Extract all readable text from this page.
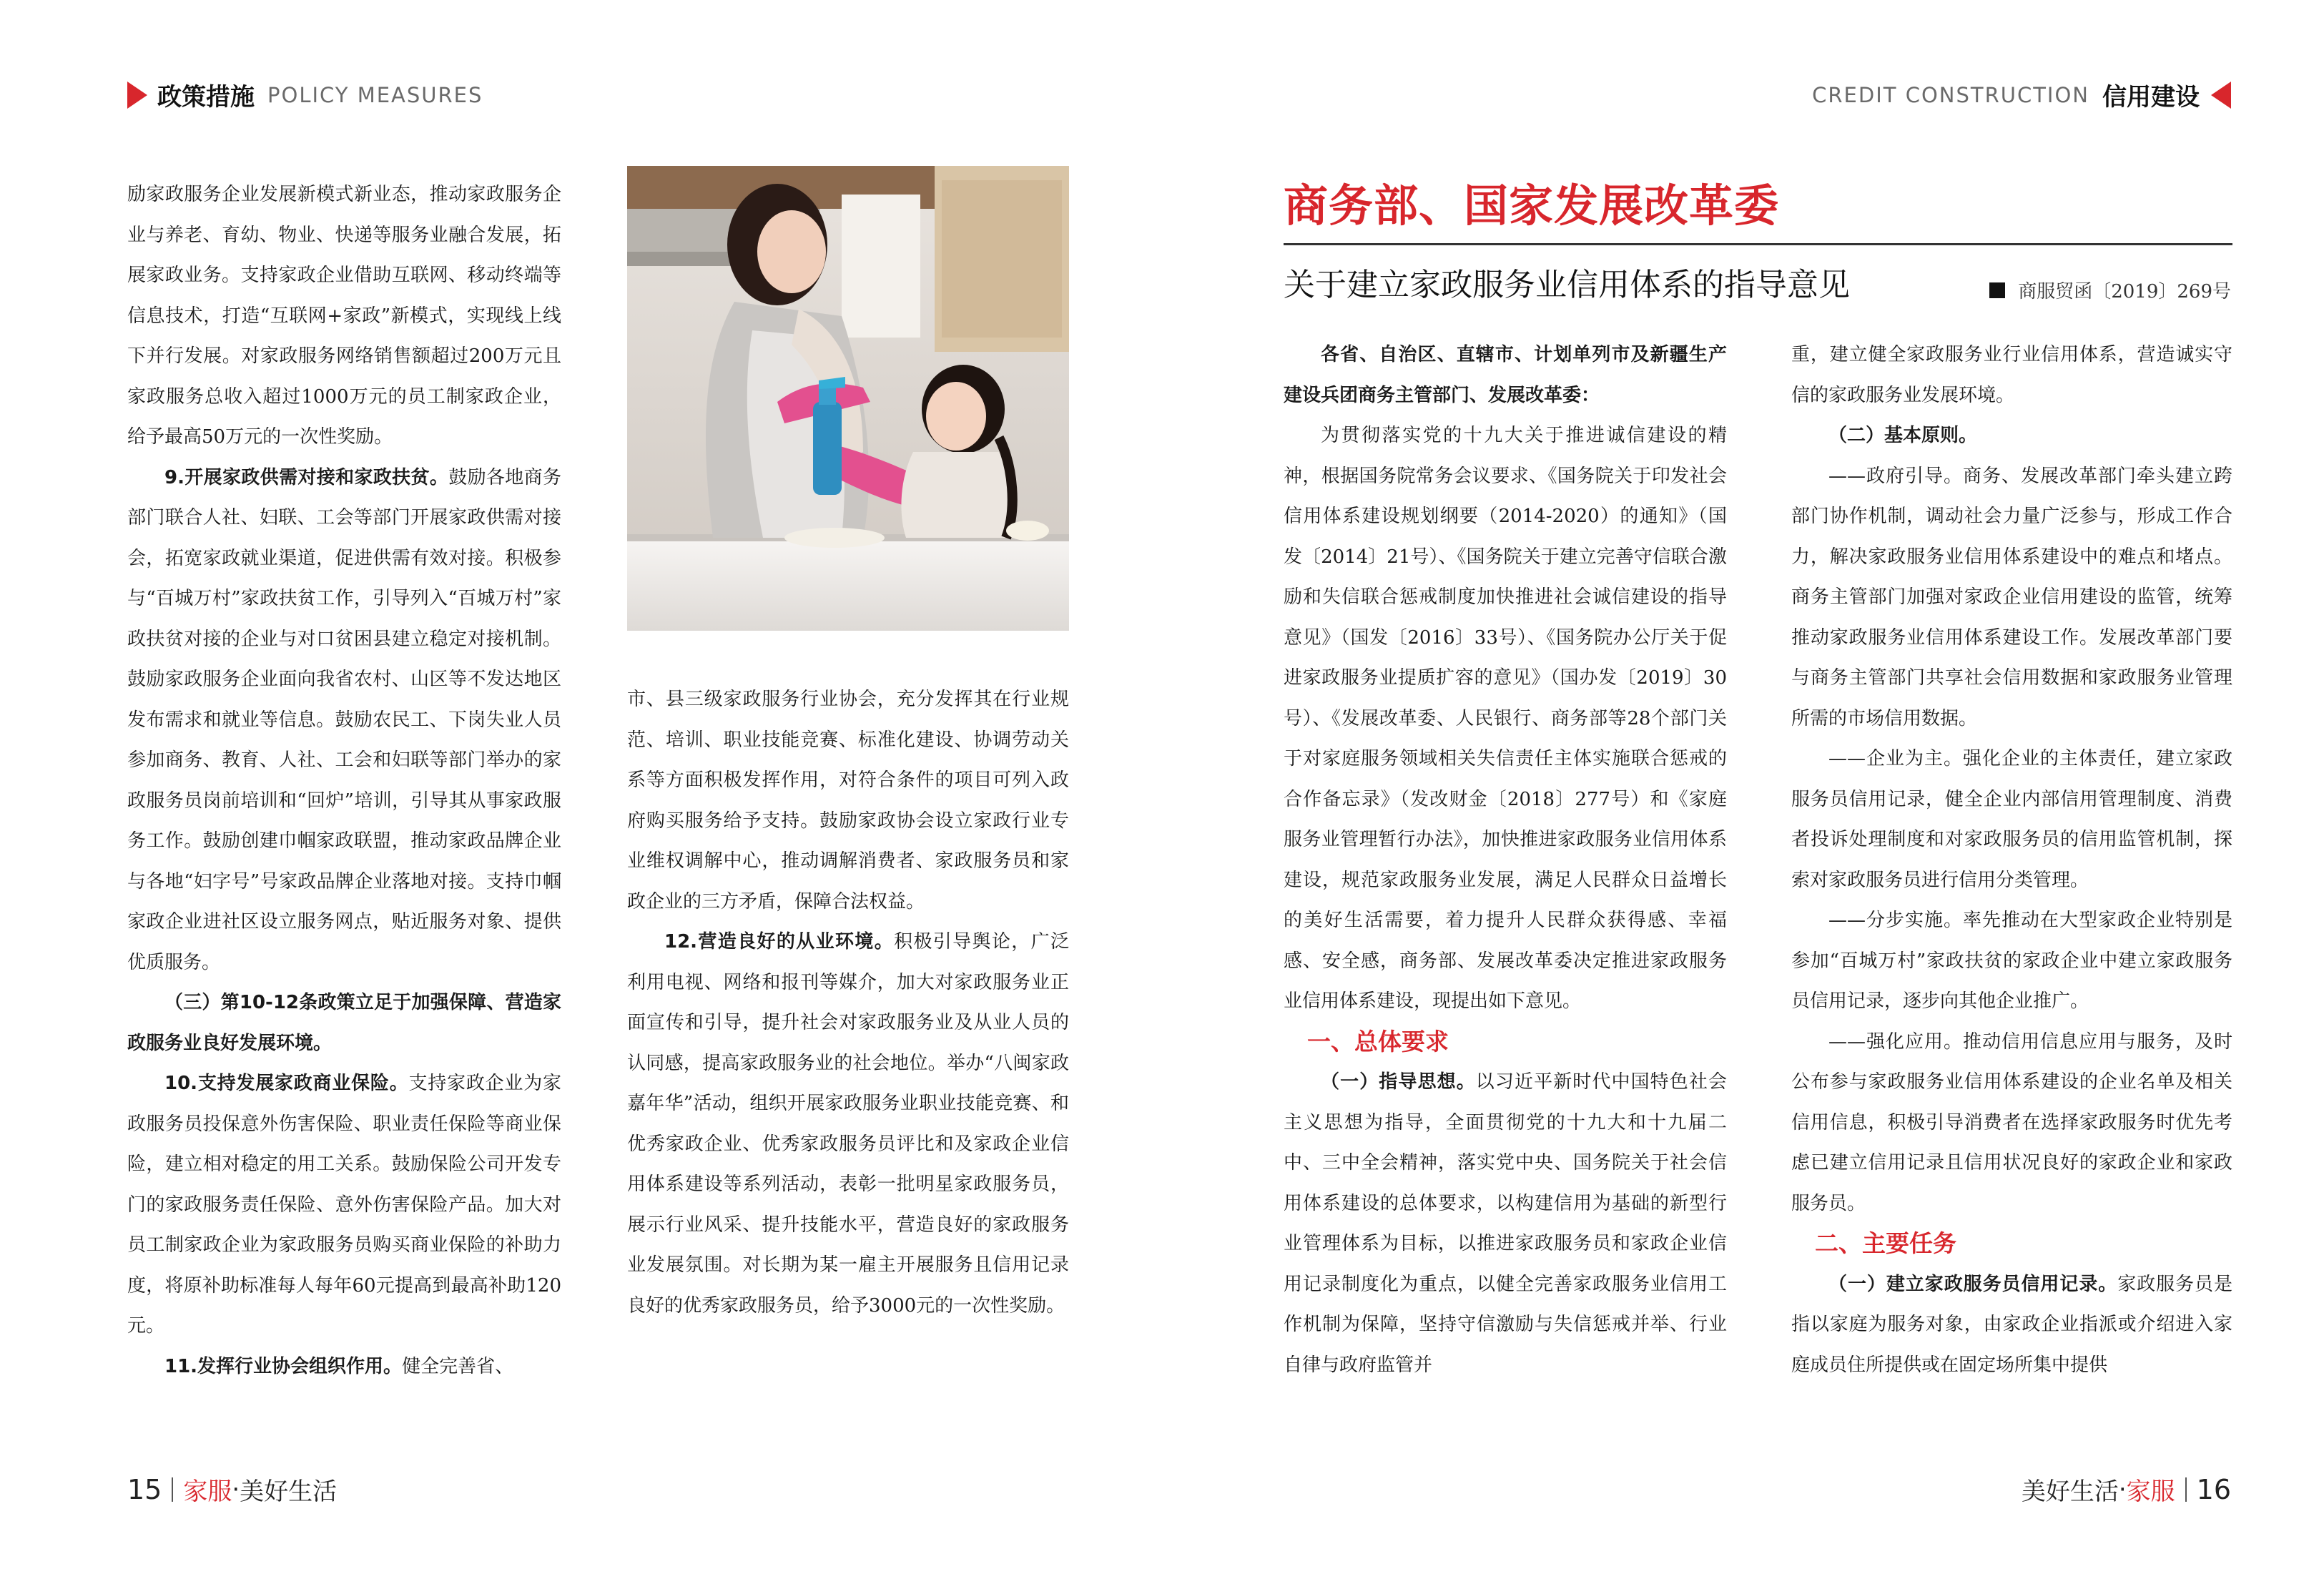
政策措施 POLICY MEASURES	CREDIT CONSTRUCTION 信用建设

励家政服务企业发展新模式新业态，推动家政服务企业与养老、育幼、物业、快递等服务业融合发展，拓展家政业务。支持家政企业借助互联网、移动终端等信息技术，打造“互联网+家政”新模式，实现线上线下并行发展。对家政服务网络销售额超过200万元且家政服务总收入超过1000万元的员工制家政企业，给予最高50万元的一次性奖励。

9.开展家政供需对接和家政扶贫。鼓励各地商务部门联合人社、妇联、工会等部门开展家政供需对接会，拓宽家政就业渠道，促进供需有效对接。积极参与“百城万村”家政扶贫工作，引导列入“百城万村”家政扶贫对接的企业与对口贫困县建立稳定对接机制。鼓励家政服务企业面向我省农村、山区等不发达地区发布需求和就业等信息。鼓励农民工、下岗失业人员参加商务、教育、人社、工会和妇联等部门举办的家政服务员岗前培训和“回炉”培训，引导其从事家政服务工作。鼓励创建巾帼家政联盟，推动家政品牌企业与各地“妇字号”号家政品牌企业落地对接。支持巾帼家政企业进社区设立服务网点，贴近服务对象、提供优质服务。

（三）第10-12条政策立足于加强保障、营造家政服务业良好发展环境。

10.支持发展家政商业保险。支持家政企业为家政服务员投保意外伤害保险、职业责任保险等商业保险，建立相对稳定的用工关系。鼓励保险公司开发专门的家政服务责任保险、意外伤害保险产品。加大对员工制家政企业为家政服务员购买商业保险的补助力度，将原补助标准每人每年60元提高到最高补助120元。

11.发挥行业协会组织作用。健全完善省、

市、县三级家政服务行业协会，充分发挥其在行业规范、培训、职业技能竞赛、标准化建设、协调劳动关系等方面积极发挥作用，对符合条件的项目可列入政府购买服务给予支持。鼓励家政协会设立家政行业专业维权调解中心，推动调解消费者、家政服务员和家政企业的三方矛盾，保障合法权益。

12.营造良好的从业环境。积极引导舆论，广泛利用电视、网络和报刊等媒介，加大对家政服务业正面宣传和引导，提升社会对家政服务业及从业人员的认同感，提高家政服务业的社会地位。举办“八闽家政嘉年华”活动，组织开展家政服务业职业技能竞赛、和优秀家政企业、优秀家政服务员评比和及家政企业信用体系建设等系列活动，表彰一批明星家政服务员，展示行业风采、提升技能水平，营造良好的家政服务业发展氛围。对长期为某一雇主开展服务且信用记录良好的优秀家政服务员，给予3000元的一次性奖励。

商务部、国家发展改革委
关于建立家政服务业信用体系的指导意见	商服贸函〔2019〕269号

各省、自治区、直辖市、计划单列市及新疆生产建设兵团商务主管部门、发展改革委：

为贯彻落实党的十九大关于推进诚信建设的精神，根据国务院常务会议要求、《国务院关于印发社会信用体系建设规划纲要（2014-2020）的通知》（国发〔2014〕21号）、《国务院关于建立完善守信联合激励和失信联合惩戒制度加快推进社会诚信建设的指导意见》（国发〔2016〕33号）、《国务院办公厅关于促进家政服务业提质扩容的意见》（国办发〔2019〕30号）、《发展改革委、人民银行、商务部等28个部门关于对家庭服务领域相关失信责任主体实施联合惩戒的合作备忘录》（发改财金〔2018〕277号）和《家庭服务业管理暂行办法》，加快推进家政服务业信用体系建设，规范家政服务业发展，满足人民群众日益增长的美好生活需要，着力提升人民群众获得感、幸福感、安全感，商务部、发展改革委决定推进家政服务业信用体系建设，现提出如下意见。

一、总体要求

（一）指导思想。以习近平新时代中国特色社会主义思想为指导，全面贯彻党的十九大和十九届二中、三中全会精神，落实党中央、国务院关于社会信用体系建设的总体要求，以构建信用为基础的新型行业管理体系为目标，以推进家政服务员和家政企业信用记录制度化为重点，以健全完善家政服务业信用工作机制为保障，坚持守信激励与失信惩戒并举、行业自律与政府监管并

重，建立健全家政服务业行业信用体系，营造诚实守信的家政服务业发展环境。

（二）基本原则。

——政府引导。商务、发展改革部门牵头建立跨部门协作机制，调动社会力量广泛参与，形成工作合力，解决家政服务业信用体系建设中的难点和堵点。商务主管部门加强对家政企业信用建设的监管，统筹推动家政服务业信用体系建设工作。发展改革部门要与商务主管部门共享社会信用数据和家政服务业管理所需的市场信用数据。

——企业为主。强化企业的主体责任，建立家政服务员信用记录，健全企业内部信用管理制度、消费者投诉处理制度和对家政服务员的信用监管机制，探索对家政服务员进行信用分类管理。

——分步实施。率先推动在大型家政企业特别是参加“百城万村”家政扶贫的家政企业中建立家政服务员信用记录，逐步向其他企业推广。

——强化应用。推动信用信息应用与服务，及时公布参与家政服务业信用体系建设的企业名单及相关信用信息，积极引导消费者在选择家政服务时优先考虑已建立信用记录且信用状况良好的家政企业和家政服务员。

二、主要任务

（一）建立家政服务员信用记录。家政服务员是指以家庭为服务对象，由家政企业指派或介绍进入家庭成员住所提供或在固定场所集中提供

15 家服 · 美好生活	美好生活 · 家服 16
